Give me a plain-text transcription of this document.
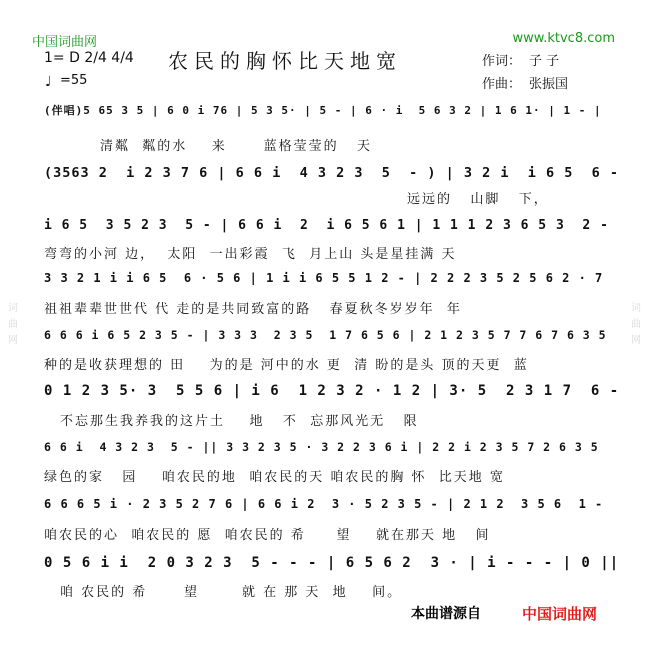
词曲网	词曲网
中国词曲网	www.ktvc8.com
1= D 2/4 4/4
♩ =55
农民的胸怀比天地宽	作词： 子 子
作曲： 张振国
(伴唱)5 65 3 5 | 6 0 i 76 | 5 3 5· | 5 - | 6 · i  5 6 3 2 | 1 6 1· | 1 - |
清粼  粼的水    来      蓝格莹莹的   天
(3563 2  i 2 3 7 6 | 6 6 i  4 3 2 3  5  - ) | 3 2 i  i 6 5  6 -
远远的   山脚   下，
i 6 5  3 5 2 3  5 - | 6 6 i  2  i 6 5 6 1 | 1 1 1 2 3 6 5 3  2 -
弯弯的小河 边，  太阳  一出彩霞  飞  月上山 头是星挂满 天
3 3 2 1 i i 6 5  6 · 5 6 | 1 i i 6 5 5 1 2 - | 2 2 2 3 5 2 5 6 2 · 7
祖祖辈辈世世代 代 走的是共同致富的路   春夏秋冬岁岁年  年
6 6 6 i 6 5 2 3 5 - | 3 3 3  2 3 5  1 7 6 5 6 | 2 1 2 3 5 7 7 6 7 6 3 5
种的是收获理想的 田    为的是 河中的水 更  清 盼的是头 顶的天更  蓝
0 1 2 3 5· 3  5 5 6 | i 6  1 2 3 2 · 1 2 | 3· 5  2 3 1 7  6 -
不忘那生我养我的这片土    地   不  忘那风光无   限
6 6 i  4 3 2 3  5 - || 3 3 2 3 5 · 3 2 2 3 6 i | 2 2 i 2 3 5 7 2 6 3 5
绿色的家   园    咱农民的地  咱农民的天 咱农民的胸 怀  比天地 宽
6 6 6 5 i · 2 3 5 2 7 6 | 6 6 i 2  3 · 5 2 3 5 - | 2 1 2  3 5 6  1 -
咱农民的心  咱农民的 愿  咱农民的 希     望    就在那天 地   间
0 5 6 i i  2 0 3 2 3  5 - - - | 6 5 6 2  3 · | i - - - | 0 ||
咱 农民的 希      望       就 在 那 天  地    间。
本曲谱源自	中国词曲网
